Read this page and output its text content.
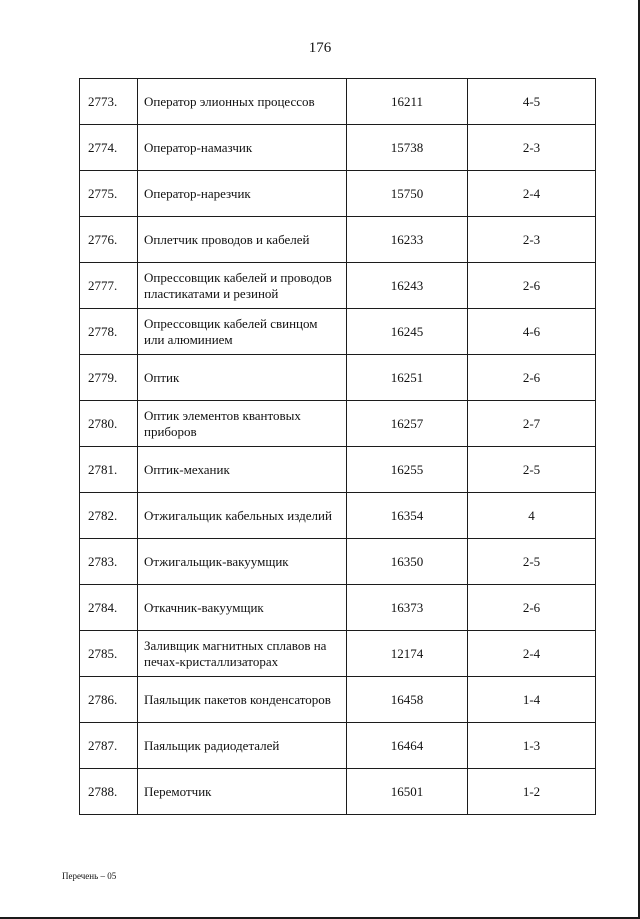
176
2773.	Оператор элионных процессов	16211	4-5
2774.	Оператор-намазчик	15738	2-3
2775.	Оператор-нарезчик	15750	2-4
2776.	Оплетчик проводов и кабелей	16233	2-3
2777.	Опрессовщик кабелей и проводов пластикатами и резиной	16243	2-6
2778.	Опрессовщик кабелей свинцом или алюминием	16245	4-6
2779.	Оптик	16251	2-6
2780.	Оптик элементов квантовых приборов	16257	2-7
2781.	Оптик-механик	16255	2-5
2782.	Отжигальщик кабельных изделий	16354	4
2783.	Отжигальщик-вакуумщик	16350	2-5
2784.	Откачник-вакуумщик	16373	2-6
2785.	Заливщик магнитных сплавов на печах-кристаллизаторах	12174	2-4
2786.	Паяльщик пакетов конденсаторов	16458	1-4
2787.	Паяльщик радиодеталей	16464	1-3
2788.	Перемотчик	16501	1-2
Перечень – 05
